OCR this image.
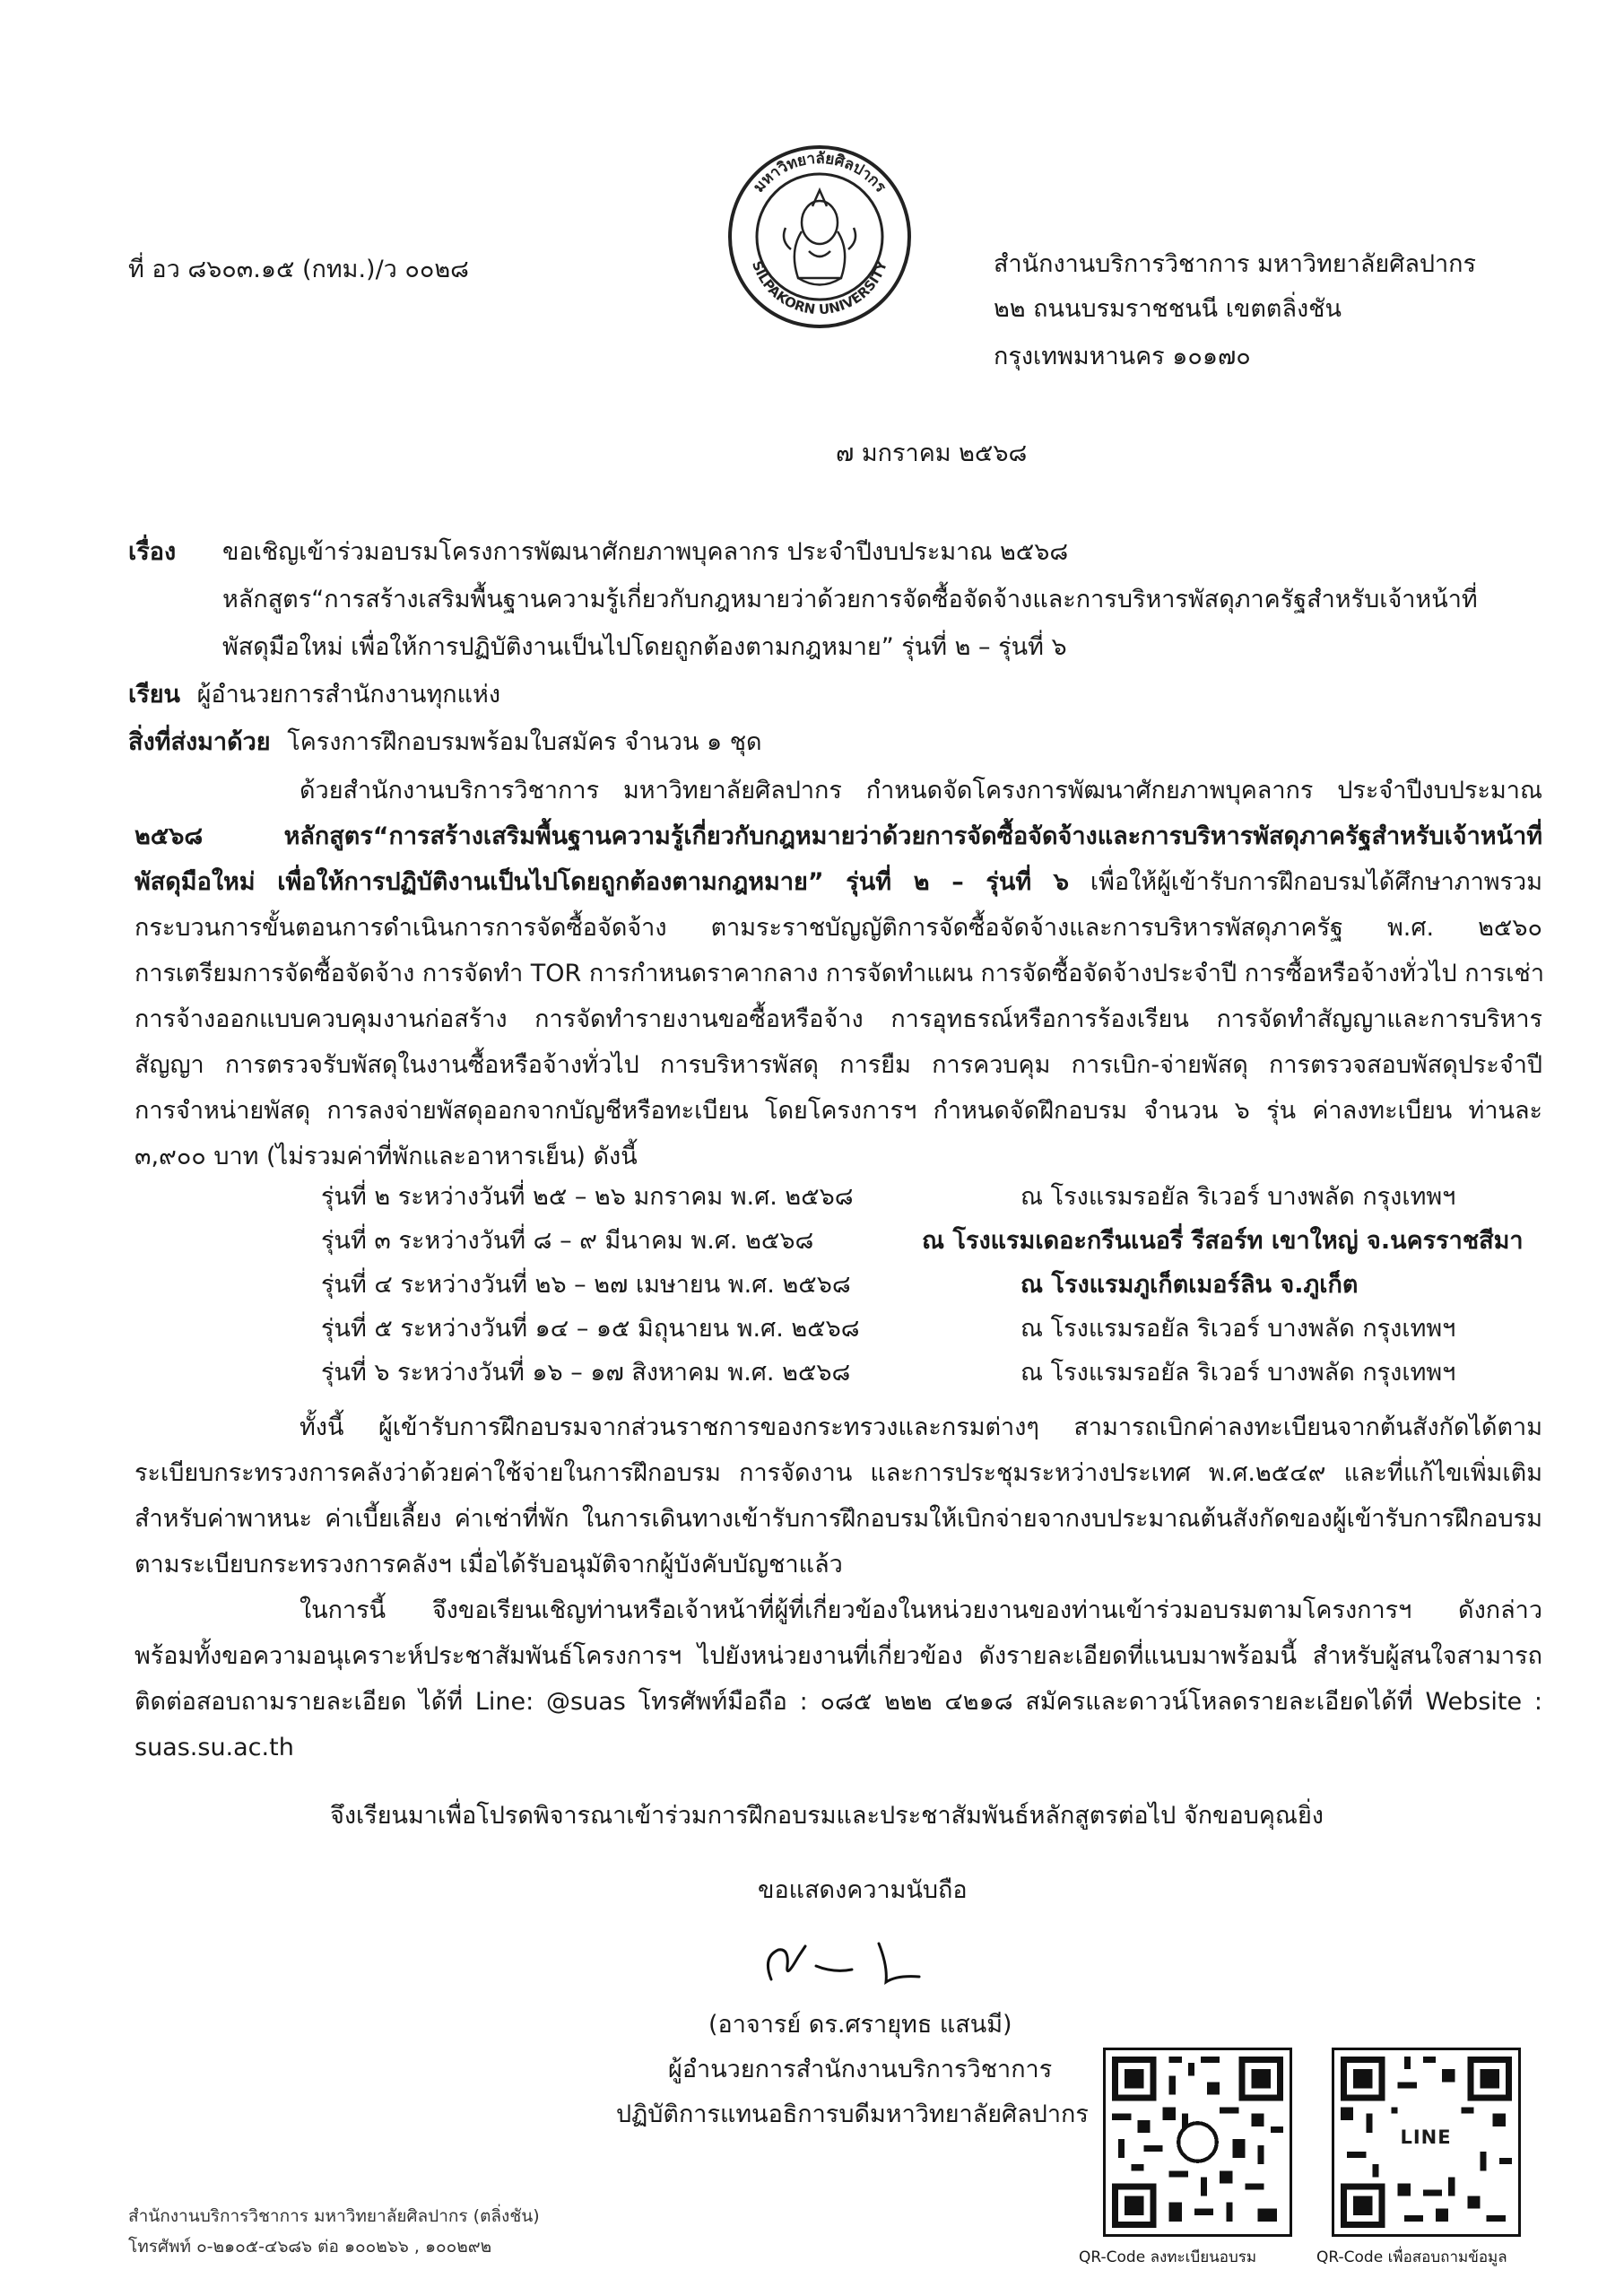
มหาวิทยาลัยศิลปากร
SILPAKORN UNIVERSITY
ที่ อว ๘๖๐๓.๑๕ (กทม.)/ว ๐๐๒๘	สำนักงานบริการวิชาการ มหาวิทยาลัยศิลปากร
๒๒ ถนนบรมราชชนนี เขตตลิ่งชัน
กรุงเทพมหานคร ๑๐๑๗๐
๗ มกราคม ๒๕๖๘
เรื่อง ขอเชิญเข้าร่วมอบรมโครงการพัฒนาศักยภาพบุคลากร ประจำปีงบประมาณ ๒๕๖๘
หลักสูตร“การสร้างเสริมพื้นฐานความรู้เกี่ยวกับกฎหมายว่าด้วยการจัดซื้อจัดจ้างและการบริหารพัสดุภาครัฐสำหรับเจ้าหน้าที่
พัสดุมือใหม่ เพื่อให้การปฏิบัติงานเป็นไปโดยถูกต้องตามกฎหมาย” รุ่นที่ ๒ – รุ่นที่ ๖
เรียน ผู้อำนวยการสำนักงานทุกแห่ง
สิ่งที่ส่งมาด้วย โครงการฝึกอบรมพร้อมใบสมัคร จำนวน ๑ ชุด
ด้วยสำนักงานบริการวิชาการ มหาวิทยาลัยศิลปากร กำหนดจัดโครงการพัฒนาศักยภาพบุคลากร ประจำปีงบประมาณ
๒๕๖๘ หลักสูตร“การสร้างเสริมพื้นฐานความรู้เกี่ยวกับกฎหมายว่าด้วยการจัดซื้อจัดจ้างและการบริหารพัสดุภาครัฐสำหรับเจ้าหน้าที่
พัสดุมือใหม่ เพื่อให้การปฏิบัติงานเป็นไปโดยถูกต้องตามกฎหมาย” รุ่นที่ ๒ – รุ่นที่ ๖ เพื่อให้ผู้เข้ารับการฝึกอบรมได้ศึกษาภาพรวม
กระบวนการขั้นตอนการดำเนินการการจัดซื้อจัดจ้าง ตามระราชบัญญัติการจัดซื้อจัดจ้างและการบริหารพัสดุภาครัฐ พ.ศ. ๒๕๖๐
การเตรียมการจัดซื้อจัดจ้าง การจัดทำ TOR การกำหนดราคากลาง การจัดทำแผน การจัดซื้อจัดจ้างประจำปี การซื้อหรือจ้างทั่วไป การเช่า
การจ้างออกแบบควบคุมงานก่อสร้าง การจัดทำรายงานขอซื้อหรือจ้าง การอุทธรณ์หรือการร้องเรียน การจัดทำสัญญาและการบริหาร
สัญญา การตรวจรับพัสดุในงานซื้อหรือจ้างทั่วไป การบริหารพัสดุ การยืม การควบคุม การเบิก-จ่ายพัสดุ การตรวจสอบพัสดุประจำปี
การจำหน่ายพัสดุ การลงจ่ายพัสดุออกจากบัญชีหรือทะเบียน โดยโครงการฯ กำหนดจัดฝึกอบรม จำนวน ๖ รุ่น ค่าลงทะเบียน ท่านละ
๓,๙๐๐ บาท (ไม่รวมค่าที่พักและอาหารเย็น) ดังนี้
รุ่นที่ ๒ ระหว่างวันที่ ๒๕ – ๒๖ มกราคม พ.ศ. ๒๕๖๘	ณ โรงแรมรอยัล ริเวอร์ บางพลัด กรุงเทพฯ
รุ่นที่ ๓ ระหว่างวันที่ ๘ – ๙ มีนาคม พ.ศ. ๒๕๖๘	ณ โรงแรมเดอะกรีนเนอรี่ รีสอร์ท เขาใหญ่ จ.นครราชสีมา
รุ่นที่ ๔ ระหว่างวันที่ ๒๖ – ๒๗ เมษายน พ.ศ. ๒๕๖๘	ณ โรงแรมภูเก็ตเมอร์ลิน จ.ภูเก็ต
รุ่นที่ ๕ ระหว่างวันที่ ๑๔ – ๑๕ มิถุนายน พ.ศ. ๒๕๖๘	ณ โรงแรมรอยัล ริเวอร์ บางพลัด กรุงเทพฯ
รุ่นที่ ๖ ระหว่างวันที่ ๑๖ – ๑๗ สิงหาคม พ.ศ. ๒๕๖๘	ณ โรงแรมรอยัล ริเวอร์ บางพลัด กรุงเทพฯ
ทั้งนี้ ผู้เข้ารับการฝึกอบรมจากส่วนราชการของกระทรวงและกรมต่างๆ สามารถเบิกค่าลงทะเบียนจากต้นสังกัดได้ตาม
ระเบียบกระทรวงการคลังว่าด้วยค่าใช้จ่ายในการฝึกอบรม การจัดงาน และการประชุมระหว่างประเทศ พ.ศ.๒๕๔๙ และที่แก้ไขเพิ่มเติม
สำหรับค่าพาหนะ ค่าเบี้ยเลี้ยง ค่าเช่าที่พัก ในการเดินทางเข้ารับการฝึกอบรมให้เบิกจ่ายจากงบประมาณต้นสังกัดของผู้เข้ารับการฝึกอบรม
ตามระเบียบกระทรวงการคลังฯ เมื่อได้รับอนุมัติจากผู้บังคับบัญชาแล้ว
ในการนี้ จึงขอเรียนเชิญท่านหรือเจ้าหน้าที่ผู้ที่เกี่ยวข้องในหน่วยงานของท่านเข้าร่วมอบรมตามโครงการฯ ดังกล่าว
พร้อมทั้งขอความอนุเคราะห์ประชาสัมพันธ์โครงการฯ ไปยังหน่วยงานที่เกี่ยวข้อง ดังรายละเอียดที่แนบมาพร้อมนี้ สำหรับผู้สนใจสามารถ
ติดต่อสอบถามรายละเอียด ได้ที่ Line: @suas โทรศัพท์มือถือ : ๐๘๕ ๒๒๒ ๔๒๑๘ สมัครและดาวน์โหลดรายละเอียดได้ที่ Website :
suas.su.ac.th
จึงเรียนมาเพื่อโปรดพิจารณาเข้าร่วมการฝึกอบรมและประชาสัมพันธ์หลักสูตรต่อไป จักขอบคุณยิ่ง
ขอแสดงความนับถือ
(อาจารย์ ดร.ศรายุทธ แสนมี)
ผู้อำนวยการสำนักงานบริการวิชาการ
ปฏิบัติการแทนอธิการบดีมหาวิทยาลัยศิลปากร
QR-Code ลงทะเบียนอบรม
LINE
QR-Code เพื่อสอบถามข้อมูล
สำนักงานบริการวิชาการ มหาวิทยาลัยศิลปากร (ตลิ่งชัน)
โทรศัพท์ ๐-๒๑๐๕-๔๖๘๖ ต่อ ๑๐๐๒๖๖ , ๑๐๐๒๙๒
